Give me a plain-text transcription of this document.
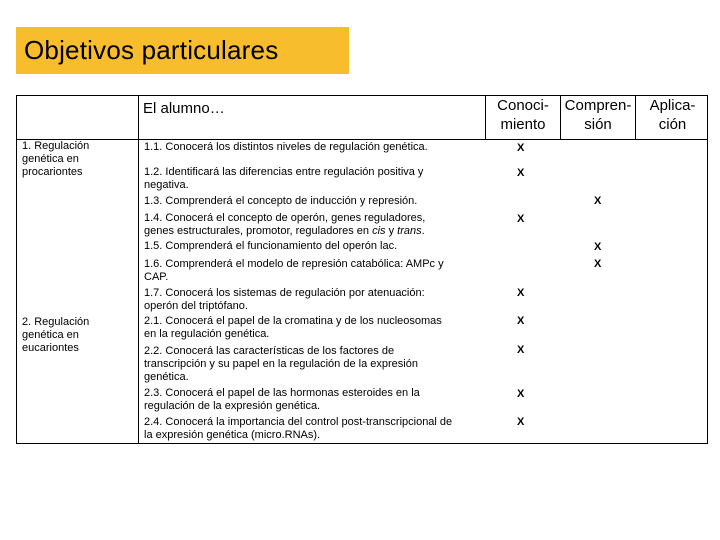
Objetivos particulares
El alumno…	Conoci-
miento
Compren-
sión
Aplica-
ción
1. Regulación
genética en
procariontes
2. Regulación
genética en
eucariontes
1.1. Conocerá los distintos niveles de regulación genética.
1.2. Identificará las diferencias entre regulación positiva y
negativa.
1.3. Comprenderá el concepto de inducción y represión.
1.4. Conocerá el concepto de operón, genes reguladores,
genes estructurales, promotor, reguladores en cis y trans.
1.5. Comprenderá el funcionamiento del operón lac.
1.6. Comprenderá el modelo de represión catabólica: AMPc y
CAP.
1.7. Conocerá los sistemas de regulación por atenuación:
operón del triptófano.
2.1. Conocerá el papel de la cromatina y de los nucleosomas
en la regulación genética.
2.2. Conocerá las características de los factores de
transcripción y su papel en la regulación de la expresión
genética.
2.3. Conocerá el papel de las hormonas esteroides en la
regulación de la expresión genética.
2.4. Conocerá la importancia del control post-transcripcional de
la expresión genética (micro.RNAs).
X
X
X
X
X
X
X
X
X
X
X
